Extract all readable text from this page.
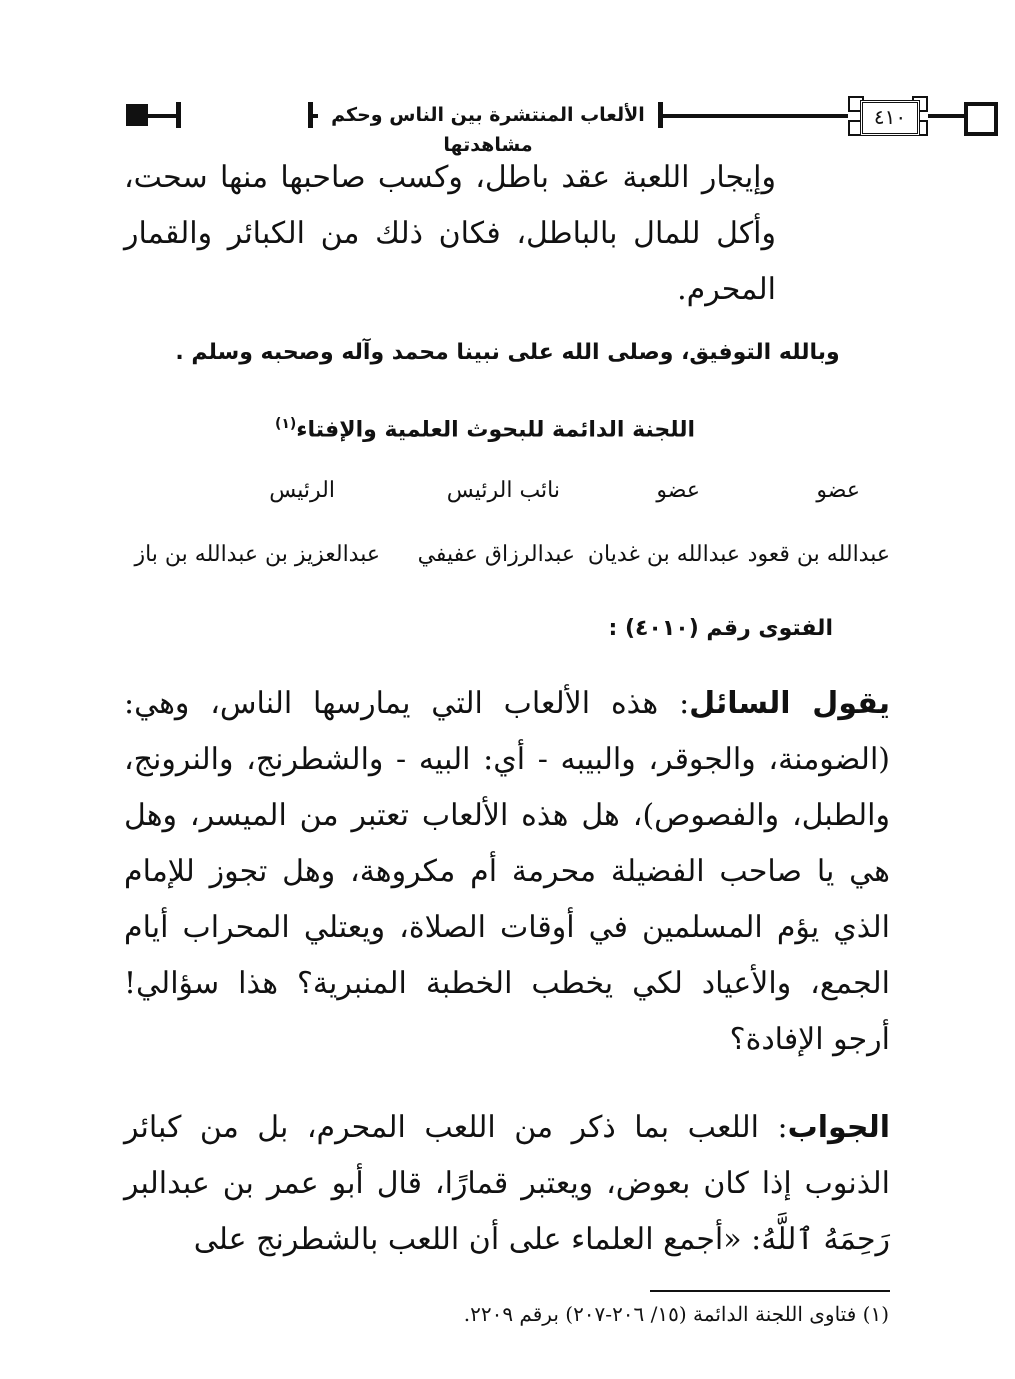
الألعاب المنتشرة بين الناس وحكم مشاهدتها
٤١٠
وإيجار اللعبة عقد باطل، وكسب صاحبها منها سحت، وأكل للمال بالباطل، فكان ذلك من الكبائر والقمار المحرم.
وبالله التوفيق، وصلى الله على نبينا محمد وآله وصحبه وسلم .
اللجنة الدائمة للبحوث العلمية والإفتاء$^{(١)}$
عضو
عضو
نائب الرئيس
الرئيس
عبدالله بن قعود
عبدالله بن غديان
عبدالرزاق عفيفي
عبدالعزيز بن عبدالله بن باز
الفتوى رقم (٤٠١٠) :
يقول السائل: هذه الألعاب التي يمارسها الناس، وهي: (الضومنة، والجوقر، والبيبه - أي: البيه - والشطرنج، والنرونج، والطبل، والفصوص)، هل هذه الألعاب تعتبر من الميسر، وهل هي يا صاحب الفضيلة محرمة أم مكروهة، وهل تجوز للإمام الذي يؤم المسلمين في أوقات الصلاة، ويعتلي المحراب أيام الجمع، والأعياد لكي يخطب الخطبة المنبرية؟ هذا سؤالي! أرجو الإفادة؟
الجواب: اللعب بما ذكر من اللعب المحرم، بل من كبائر الذنوب إذا كان بعوض، ويعتبر قمارًا، قال أبو عمر بن عبدالبر رَحِمَهُ ٱللَّهُ: «أجمع العلماء على أن اللعب بالشطرنج على
(١) فتاوى اللجنة الدائمة (١٥/ ٢٠٦-٢٠٧) برقم ٢٢٠٩.
